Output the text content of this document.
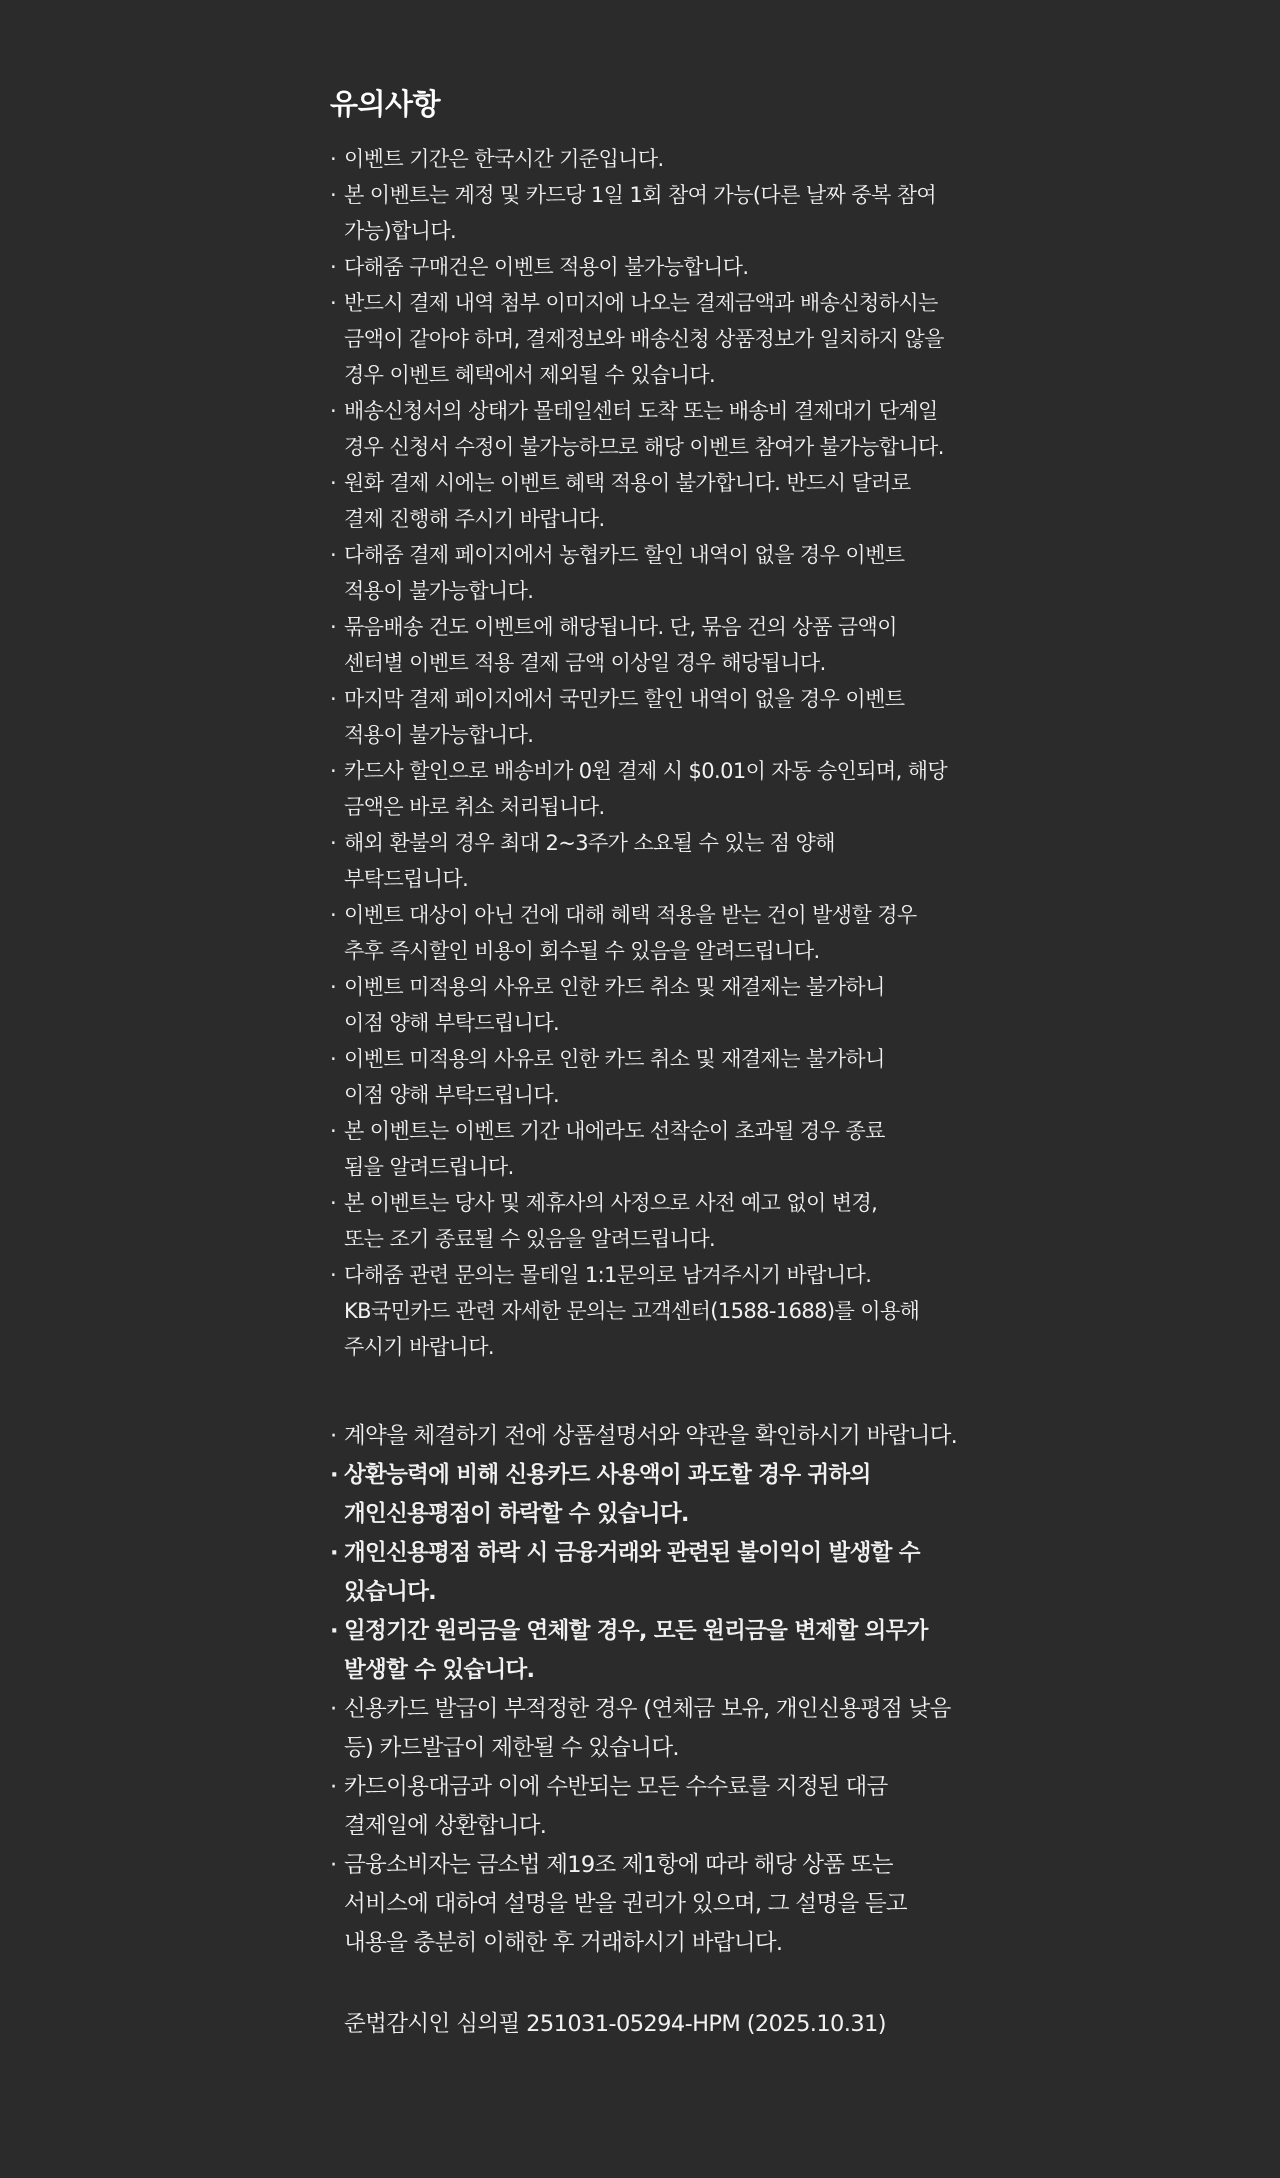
유의사항
· 이벤트 기간은 한국시간 기준입니다.
· 본 이벤트는 계정 및 카드당 1일 1회 참여 가능(다른 날짜 중복 참여 가능)합니다.
· 다해줌 구매건은 이벤트 적용이 불가능합니다.
· 반드시 결제 내역 첨부 이미지에 나오는 결제금액과 배송신청하시는 금액이 같아야 하며, 결제정보와 배송신청 상품정보가 일치하지 않을 경우 이벤트 혜택에서 제외될 수 있습니다.
· 배송신청서의 상태가 몰테일센터 도착 또는 배송비 결제대기 단계일 경우 신청서 수정이 불가능하므로 해당 이벤트 참여가 불가능합니다.
· 원화 결제 시에는 이벤트 혜택 적용이 불가합니다. 반드시 달러로
결제 진행해 주시기 바랍니다.
· 다해줌 결제 페이지에서 농협카드 할인 내역이 없을 경우 이벤트
적용이 불가능합니다.
· 묶음배송 건도 이벤트에 해당됩니다. 단, 묶음 건의 상품 금액이 센터별 이벤트 적용 결제 금액 이상일 경우 해당됩니다.
· 마지막 결제 페이지에서 국민카드 할인 내역이 없을 경우 이벤트 적용이 불가능합니다.
· 카드사 할인으로 배송비가 0원 결제 시 $0.01이 자동 승인되며, 해당 금액은 바로 취소 처리됩니다.
· 해외 환불의 경우 최대 2~3주가 소요될 수 있는 점 양해 부탁드립니다.
· 이벤트 대상이 아닌 건에 대해 혜택 적용을 받는 건이 발생할 경우
추후 즉시할인 비용이 회수될 수 있음을 알려드립니다.
· 이벤트 미적용의 사유로 인한 카드 취소 및 재결제는 불가하니
이점 양해 부탁드립니다.
· 이벤트 미적용의 사유로 인한 카드 취소 및 재결제는 불가하니
이점 양해 부탁드립니다.
· 본 이벤트는 이벤트 기간 내에라도 선착순이 초과될 경우 종료
됨을 알려드립니다.
· 본 이벤트는 당사 및 제휴사의 사정으로 사전 예고 없이 변경,
또는 조기 종료될 수 있음을 알려드립니다.
· 다해줌 관련 문의는 몰테일 1:1문의로 남겨주시기 바랍니다.
KB국민카드 관련 자세한 문의는 고객센터(1588-1688)를 이용해 주시기 바랍니다.
· 계약을 체결하기 전에 상품설명서와 약관을 확인하시기 바랍니다.
· 상환능력에 비해 신용카드 사용액이 과도할 경우 귀하의 개인신용평점이 하락할 수 있습니다.
· 개인신용평점 하락 시 금융거래와 관련된 불이익이 발생할 수 있습니다.
· 일정기간 원리금을 연체할 경우, 모든 원리금을 변제할 의무가 발생할 수 있습니다.
· 신용카드 발급이 부적정한 경우 (연체금 보유, 개인신용평점 낮음 등) 카드발급이 제한될 수 있습니다.
· 카드이용대금과 이에 수반되는 모든 수수료를 지정된 대금 결제일에 상환합니다.
· 금융소비자는 금소법 제19조 제1항에 따라 해당 상품 또는 서비스에 대하여 설명을 받을 권리가 있으며, 그 설명을 듣고 내용을 충분히 이해한 후 거래하시기 바랍니다.
준법감시인 심의필 251031-05294-HPM (2025.10.31)
